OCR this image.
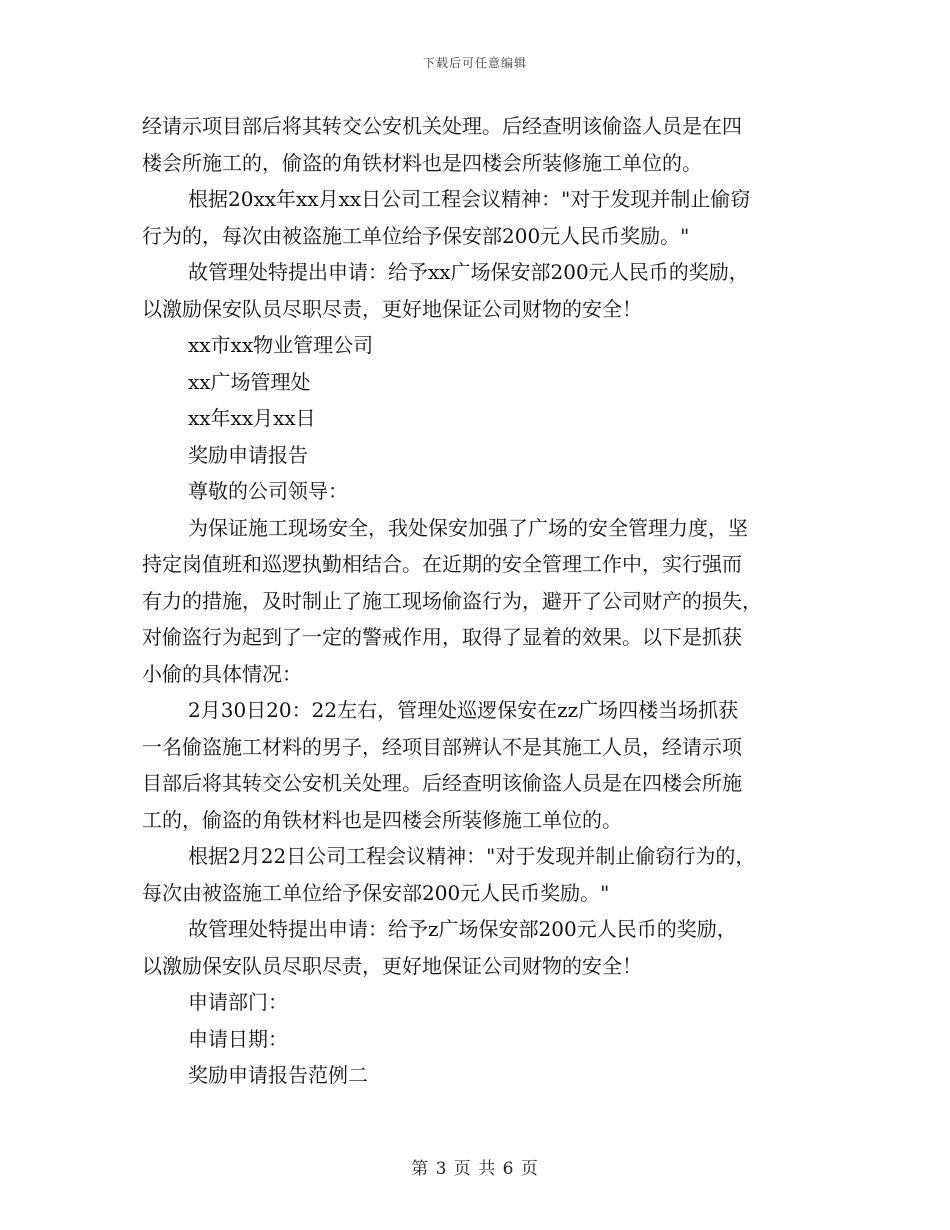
下载后可任意编辑
经请示项目部后将其转交公安机关处理。后经查明该偷盗人员是在四
楼会所施工的，偷盗的角铁材料也是四楼会所装修施工单位的。
根据20xx年xx月xx日公司工程会议精神："对于发现并制止偷窃
行为的，每次由被盗施工单位给予保安部200元人民币奖励。"
故管理处特提出申请：给予xx广场保安部200元人民币的奖励，
以激励保安队员尽职尽责，更好地保证公司财物的安全！
xx市xx物业管理公司
xx广场管理处
xx年xx月xx日
奖励申请报告
尊敬的公司领导：
为保证施工现场安全，我处保安加强了广场的安全管理力度，坚
持定岗值班和巡逻执勤相结合。在近期的安全管理工作中，实行强而
有力的措施，及时制止了施工现场偷盗行为，避开了公司财产的损失，
对偷盗行为起到了一定的警戒作用，取得了显着的效果。以下是抓获
小偷的具体情况：
2月30日20：22左右，管理处巡逻保安在zz广场四楼当场抓获
一名偷盗施工材料的男子，经项目部辨认不是其施工人员，经请示项
目部后将其转交公安机关处理。后经查明该偷盗人员是在四楼会所施
工的，偷盗的角铁材料也是四楼会所装修施工单位的。
根据2月22日公司工程会议精神："对于发现并制止偷窃行为的，
每次由被盗施工单位给予保安部200元人民币奖励。"
故管理处特提出申请：给予z广场保安部200元人民币的奖励，
以激励保安队员尽职尽责，更好地保证公司财物的安全！
申请部门：
申请日期：
奖励申请报告范例二
第 3 页 共 6 页
